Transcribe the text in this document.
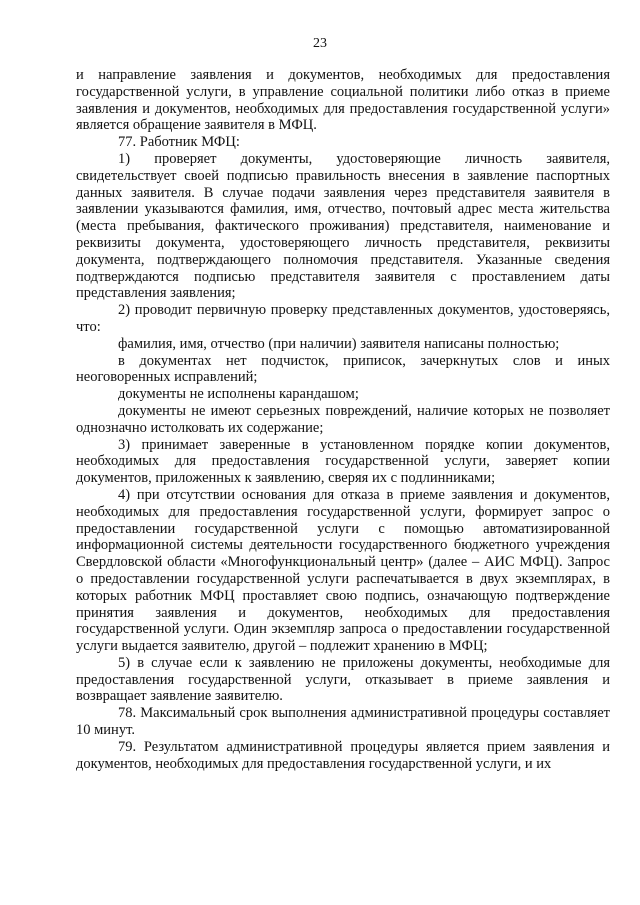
23

и направление заявления и документов, необходимых для предоставления государственной услуги, в управление социальной политики либо отказ в приеме заявления и документов, необходимых для предоставления государственной услуги» является обращение заявителя в МФЦ.

77. Работник МФЦ:

1) проверяет документы, удостоверяющие личность заявителя, свидетельствует своей подписью правильность внесения в заявление паспортных данных заявителя. В случае подачи заявления через представителя заявителя в заявлении указываются фамилия, имя, отчество, почтовый адрес места жительства (места пребывания, фактического проживания) представителя, наименование и реквизиты документа, удостоверяющего личность представителя, реквизиты документа, подтверждающего полномочия представителя. Указанные сведения подтверждаются подписью представителя заявителя с проставлением даты представления заявления;

2) проводит первичную проверку представленных документов, удостоверяясь, что:

фамилия, имя, отчество (при наличии) заявителя написаны полностью;

в документах нет подчисток, приписок, зачеркнутых слов и иных неоговоренных исправлений;

документы не исполнены карандашом;

документы не имеют серьезных повреждений, наличие которых не позволяет однозначно истолковать их содержание;

3) принимает заверенные в установленном порядке копии документов, необходимых для предоставления государственной услуги, заверяет копии документов, приложенных к заявлению, сверяя их с подлинниками;

4) при отсутствии основания для отказа в приеме заявления и документов, необходимых для предоставления государственной услуги, формирует запрос о предоставлении государственной услуги с помощью автоматизированной информационной системы деятельности государственного бюджетного учреждения Свердловской области «Многофункциональный центр» (далее – АИС МФЦ). Запрос о предоставлении государственной услуги распечатывается в двух экземплярах, в которых работник МФЦ проставляет свою подпись, означающую подтверждение принятия заявления и документов, необходимых для предоставления государственной услуги. Один экземпляр запроса о предоставлении государственной услуги выдается заявителю, другой – подлежит хранению в МФЦ;

5) в случае если к заявлению не приложены документы, необходимые для предоставления государственной услуги, отказывает в приеме заявления и возвращает заявление заявителю.

78. Максимальный срок выполнения административной процедуры составляет 10 минут.

79. Результатом административной процедуры является прием заявления и документов, необходимых для предоставления государственной услуги, и их
